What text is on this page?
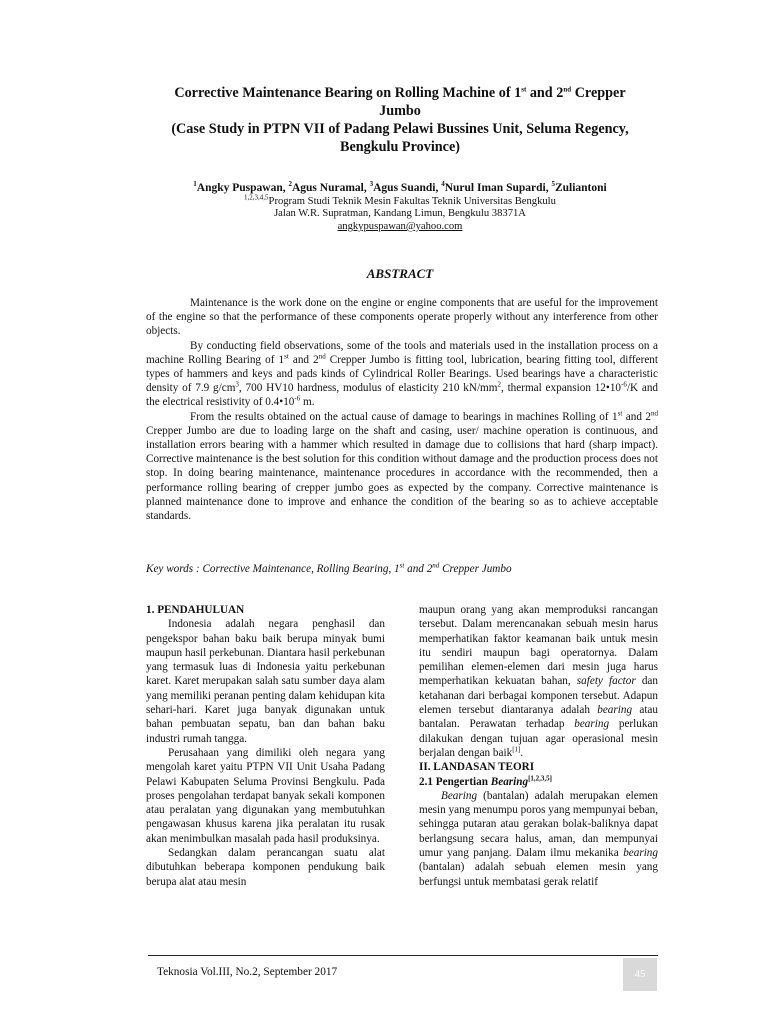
Corrective Maintenance Bearing on Rolling Machine of 1st and 2nd Crepper

Jumbo

(Case Study in PTPN VII of Padang Pelawi Bussines Unit, Seluma Regency,

Bengkulu Province)

$^1$Angky Puspawan, $^2$Agus Nuramal, $^3$Agus Suandi, $^4$Nurul Iman Supardi, $^5$Zuliantoni
$^{1,2,3,4,5}$Program Studi Teknik Mesin Fakultas Teknik Universitas Bengkulu
Jalan W.R. Supratman, Kandang Limun, Bengkulu 38371A
angkypuspawan@yahoo.com
ABSTRACT

Maintenance is the work done on the engine or engine components that are useful for the improvement of the engine so that the performance of these components operate properly without any interference from other objects.

By conducting field observations, some of the tools and materials used in the installation process on a machine Rolling Bearing of 1st and 2nd Crepper Jumbo is fitting tool, lubrication, bearing fitting tool, different types of hammers and keys and pads kinds of Cylindrical Roller Bearings. Used bearings have a characteristic density of 7.9 $g/cm^3$, 700 HV10 hardness, modulus of elasticity 210 $kN/mm^2$, thermal expansion $12•10^{-6}/K$ and the electrical resistivity of $0.4•10^{-6}$ m.

From the results obtained on the actual cause of damage to bearings in machines Rolling of 1st and 2nd Crepper Jumbo are due to loading large on the shaft and casing, user/ machine operation is continuous, and installation errors bearing with a hammer which resulted in damage due to collisions that hard (sharp impact). Corrective maintenance is the best solution for this condition without damage and the production process does not stop. In doing bearing maintenance, maintenance procedures in accordance with the recommended, then a performance rolling bearing of crepper jumbo goes as expected by the company. Corrective maintenance is planned maintenance done to improve and enhance the condition of the bearing so as to achieve acceptable standards.

Key words : Corrective Maintenance, Rolling Bearing, 1st and 2nd Crepper Jumbo

1. PENDAHULUAN

Indonesia adalah negara penghasil dan pengekspor bahan baku baik berupa minyak bumi maupun hasil perkebunan. Diantara hasil perkebunan yang termasuk luas di Indonesia yaitu perkebunan karet. Karet merupakan salah satu sumber daya alam yang memiliki peranan penting dalam kehidupan kita sehari-hari. Karet juga banyak digunakan untuk bahan pembuatan sepatu, ban dan bahan baku industri rumah tangga.

Perusahaan yang dimiliki oleh negara yang mengolah karet yaitu PTPN VII Unit Usaha Padang Pelawi Kabupaten Seluma Provinsi Bengkulu. Pada proses pengolahan terdapat banyak sekali komponen atau peralatan yang digunakan yang membutuhkan pengawasan khusus karena jika peralatan itu rusak akan menimbulkan masalah pada hasil produksinya.

Sedangkan dalam perancangan suatu alat dibutuhkan beberapa komponen pendukung baik berupa alat atau mesin

maupun orang yang akan memproduksi rancangan tersebut. Dalam merencanakan sebuah mesin harus memperhatikan faktor keamanan baik untuk mesin itu sendiri maupun bagi operatornya. Dalam pemilihan elemen-elemen dari mesin juga harus memperhatikan kekuatan bahan, safety factor dan ketahanan dari berbagai komponen tersebut. Adapun elemen tersebut diantaranya adalah bearing atau bantalan. Perawatan terhadap bearing perlukan dilakukan dengan tujuan agar operasional mesin berjalan dengan baik[1].

II. LANDASAN TEORI

2.1 Pengertian Bearing[1,2,3,5]

Bearing (bantalan) adalah merupakan elemen mesin yang menumpu poros yang mempunyai beban, sehingga putaran atau gerakan bolak-baliknya dapat berlangsung secara halus, aman, dan mempunyai umur yang panjang. Dalam ilmu mekanika bearing (bantalan) adalah sebuah elemen mesin yang berfungsi untuk membatasi gerak relatif

Teknosia Vol.III, No.2, September 2017	45
